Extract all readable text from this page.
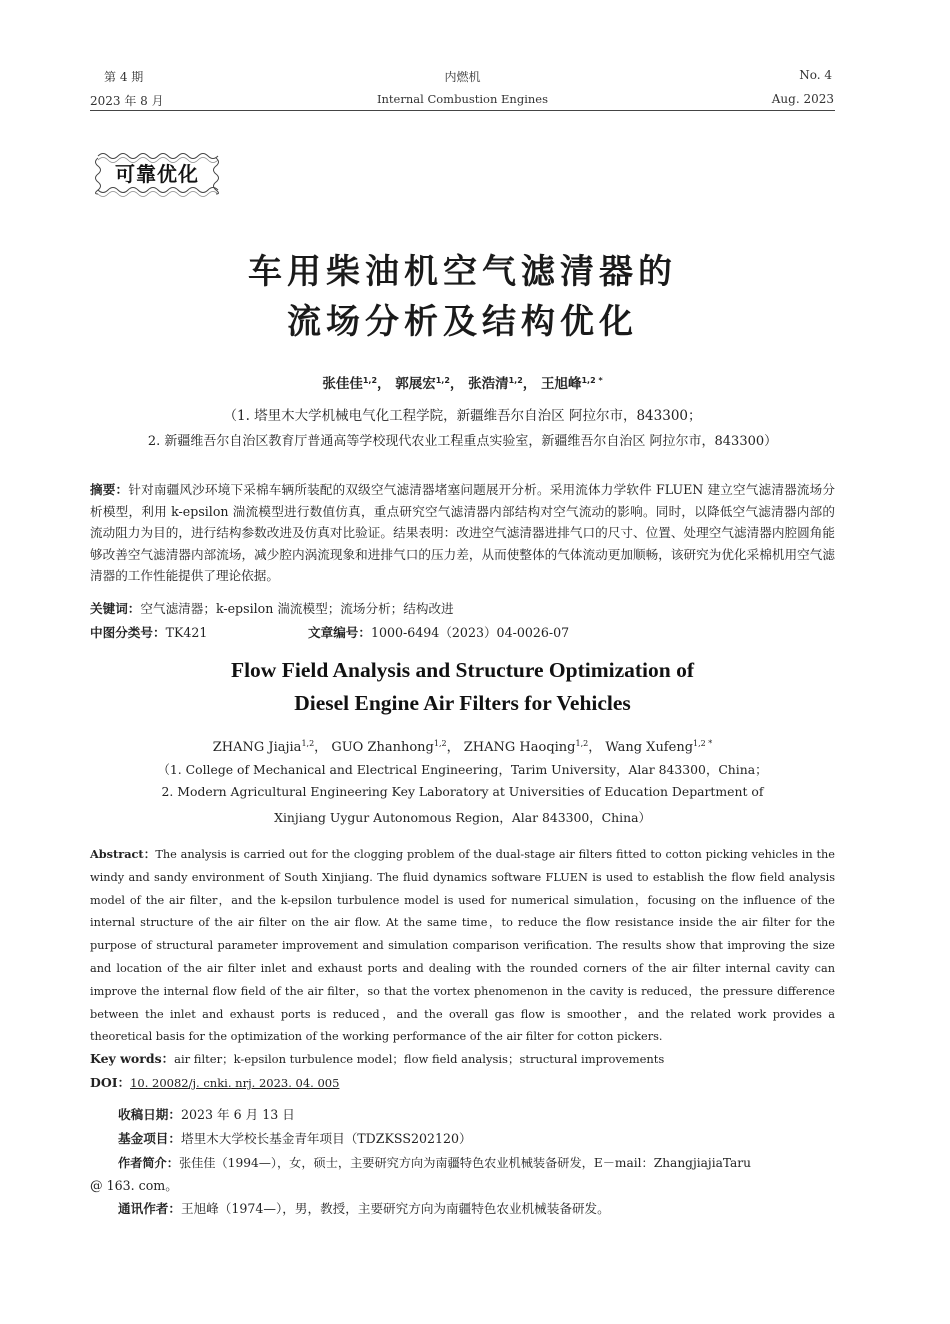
第 4 期	内燃机	No. 4
2023 年 8 月	Internal Combustion Engines	Aug. 2023
可靠优化
车用柴油机空气滤清器的
流场分析及结构优化
张佳佳$^{1,2}$， 郭展宏$^{1,2}$， 张浩清$^{1,2}$， 王旭峰$^{1,2 *}$
（1. 塔里木大学机械电气化工程学院，新疆维吾尔自治区 阿拉尔市，843300；
2. 新疆维吾尔自治区教育厅普通高等学校现代农业工程重点实验室，新疆维吾尔自治区 阿拉尔市，843300）
摘要：针对南疆风沙环境下采棉车辆所装配的双级空气滤清器堵塞问题展开分析。采用流体力学软件 FLUEN 建立空气滤清器流场分析模型，利用 k-epsilon 湍流模型进行数值仿真，重点研究空气滤清器内部结构对空气流动的影响。同时，以降低空气滤清器内部的流动阻力为目的，进行结构参数改进及仿真对比验证。结果表明：改进空气滤清器进排气口的尺寸、位置、处理空气滤清器内腔圆角能够改善空气滤清器内部流场，减少腔内涡流现象和进排气口的压力差，从而使整体的气体流动更加顺畅，该研究为优化采棉机用空气滤清器的工作性能提供了理论依据。
关键词：空气滤清器；k-epsilon 湍流模型；流场分析；结构改进
中图分类号：TK421	文章编号：1000-6494（2023）04-0026-07
Flow Field Analysis and Structure Optimization of
Diesel Engine Air Filters for Vehicles
ZHANG Jiajia$^{1,2}$， GUO Zhanhong$^{1,2}$， ZHANG Haoqing$^{1,2}$， Wang Xufeng$^{1,2 *}$
（1. College of Mechanical and Electrical Engineering，Tarim University，Alar 843300，China；
2. Modern Agricultural Engineering Key Laboratory at Universities of Education Department of
Xinjiang Uygur Autonomous Region，Alar 843300，China）
Abstract：The analysis is carried out for the clogging problem of the dual-stage air filters fitted to cotton picking vehicles in the windy and sandy environment of South Xinjiang. The fluid dynamics software FLUEN is used to establish the flow field analysis model of the air filter，and the k-epsilon turbulence model is used for numerical simulation，focusing on the influence of the internal structure of the air filter on the air flow. At the same time，to reduce the flow resistance inside the air filter for the purpose of structural parameter improvement and simulation comparison verification. The results show that improving the size and location of the air filter inlet and exhaust ports and dealing with the rounded corners of the air filter internal cavity can improve the internal flow field of the air filter，so that the vortex phenomenon in the cavity is reduced，the pressure difference between the inlet and exhaust ports is reduced，and the overall gas flow is smoother，and the related work provides a theoretical basis for the optimization of the working performance of the air filter for cotton pickers.
Key words：air filter；k-epsilon turbulence model；flow field analysis；structural improvements
DOI：10. 20082/j. cnki. nrj. 2023. 04. 005
收稿日期：2023 年 6 月 13 日
基金项目：塔里木大学校长基金青年项目（TDZKSS202120）
作者简介：张佳佳（1994—），女，硕士，主要研究方向为南疆特色农业机械装备研发，E－mail：ZhangjiajiaTaru
@ 163. com。
通讯作者：王旭峰（1974—），男，教授，主要研究方向为南疆特色农业机械装备研发。
